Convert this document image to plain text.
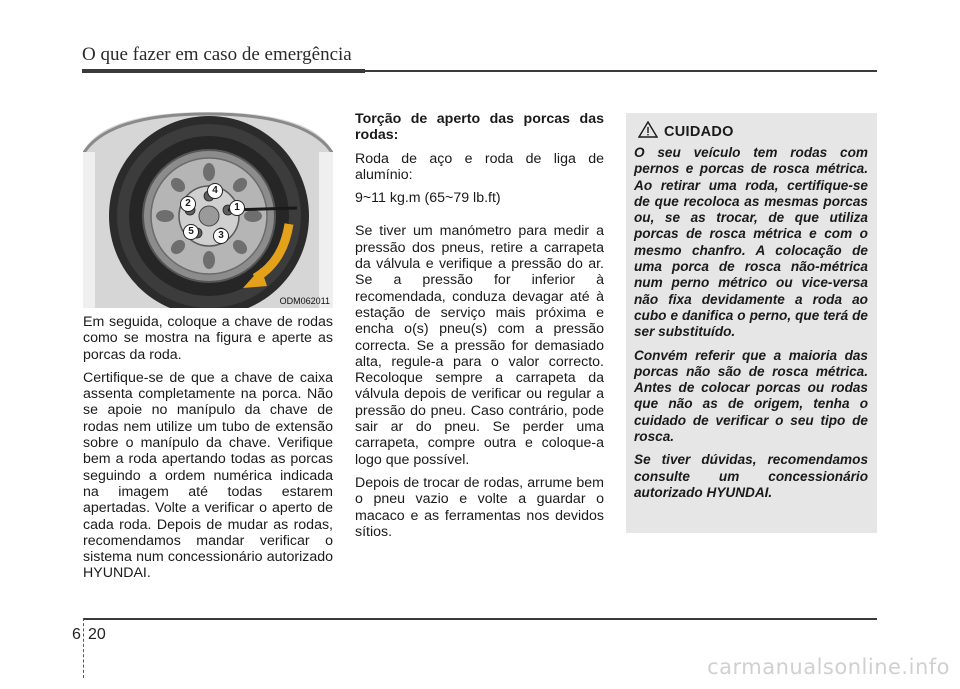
O que fazer em caso de emergência
4
2	1
5	3
ODM062011

Em seguida, coloque a chave de rodas como se mostra na figura e aperte as porcas da roda.

Certifique-se de que a chave de caixa assenta completamente na porca. Não se apoie no manípulo da chave de rodas nem utilize um tubo de extensão sobre o manípulo da chave. Verifique bem a roda apertando todas as porcas seguindo a ordem numérica indicada na imagem até todas estarem apertadas. Volte a verificar o aperto de cada roda. Depois de mudar as rodas, recomendamos mandar verificar o sistema num concessionário autorizado HYUNDAI.

Torção de aperto das porcas das rodas:

Roda de aço e roda de liga de alumínio:

9~11 kg.m (65~79 lb.ft)

Se tiver um manómetro para medir a pressão dos pneus, retire a carrapeta da válvula e verifique a pressão do ar. Se a pressão for inferior à recomendada, conduza devagar até à estação de serviço mais próxima e encha o(s) pneu(s) com a pressão correcta. Se a pressão for demasiado alta, regule-a para o valor correcto. Recoloque sempre a carrapeta da válvula depois de verificar ou regular a pressão do pneu. Caso contrário, pode sair ar do pneu. Se perder uma carrapeta, compre outra e coloque-a logo que possível.

Depois de trocar de rodas, arrume bem o pneu vazio e volte a guardar o macaco e as ferramentas nos devidos sítios.

CUIDADO

O seu veículo tem rodas com pernos e porcas de rosca métrica. Ao retirar uma roda, certifique-se de que recoloca as mesmas porcas ou, se as trocar, de que utiliza porcas de rosca métrica e com o mesmo chanfro. A colocação de uma porca de rosca não-métrica num perno métrico ou vice-versa não fixa devidamente a roda ao cubo e danifica o perno, que terá de ser substituído.

Convém referir que a maioria das porcas não são de rosca métrica. Antes de colocar porcas ou rodas que não as de origem, tenha o cuidado de verificar o seu tipo de rosca.

Se tiver dúvidas, recomendamos consulte um concessionário autorizado HYUNDAI.

6 20
carmanualsonline.info
